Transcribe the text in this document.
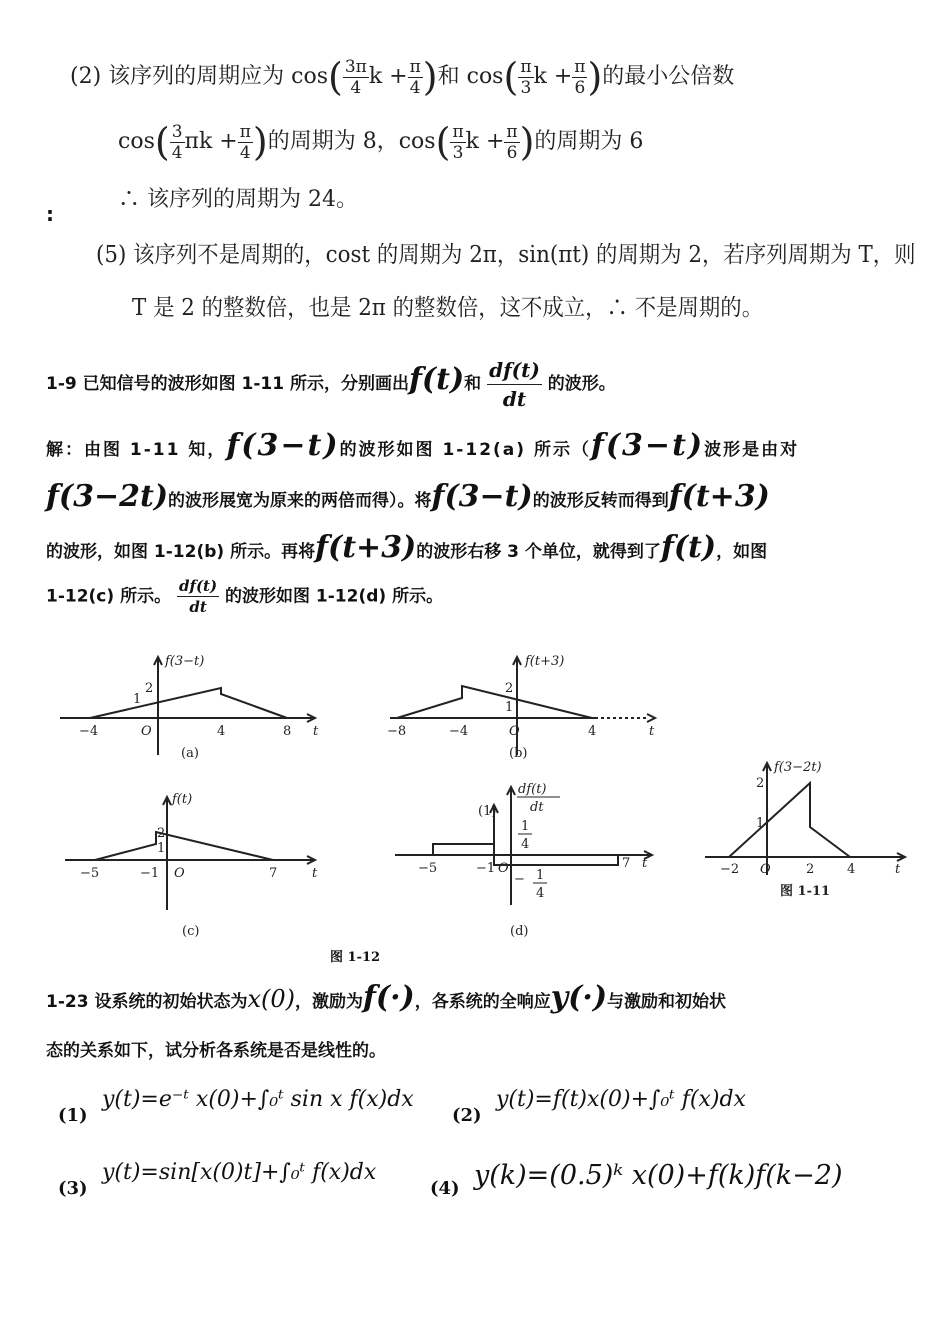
(2) 该序列的周期应为 $\cos( \frac{3\pi}{4}$ $k + \frac{\pi}{4}$ )和 $\cos( \frac{\pi}{3}$ $k + \frac{\pi}{6}$ )的最小公倍数
$\cos( \frac{3}{4}$ $\pi k + \frac{\pi}{4}$ )的周期为 8，$\cos( \frac{\pi}{3}$ $k + \frac{\pi}{6}$ )的周期为 6
∴ 该序列的周期为 24。
:
(5) 该序列不是周期的，cost 的周期为 2π，sin(πt) 的周期为 2，若序列周期为 T，则
T 是 2 的整数倍，也是 2π 的整数倍，这不成立，∴ 不是周期的。
1-9 已知信号的波形如图 1-11 所示，分别画出f(t)和 $\frac{df(t)}{dt}$ 的波形。
解：由图 1-11 知，f(3−t)的波形如图 1-12(a) 所示（f(3−t)波形是由对
f(3−2t)的波形展宽为原来的两倍而得）。将f(3−t)的波形反转而得到f(t+3)
的波形，如图 1-12(b) 所示。再将f(t+3)的波形右移 3 个单位，就得到了f(t)，如图
1-12(c) 所示。 $\frac{df(t)}{dt}$ 的波形如图 1-12(d) 所示。
f(3−t)
−4	O	4	8 t
1
2
(a)
f(t+3)
−8	−4	O	4	t
1
2
(b)
f(t)
−5	−1 O	7	t
1
2
(c)
(1)
df(t)
dt
1
4
− 1
4
−5	−1 O	7 t
(d)
f(3−2t)
−2 O	2	4	t
1
2
图 1-11
图 1-12
1-23 设系统的初始状态为x(0)，激励为f(·)，各系统的全响应y(·)与激励和初始状
态的关系如下，试分析各系统是否是线性的。
(1)
y(t)=e⁻ᵗ x(0)+∫₀ᵗ sin x f(x)dx
(2)
y(t)=f(t)x(0)+∫₀ᵗ f(x)dx
(3)
y(t)=sin[x(0)t]+∫₀ᵗ f(x)dx
(4) y(k)=(0.5)ᵏ x(0)+f(k)f(k−2)
